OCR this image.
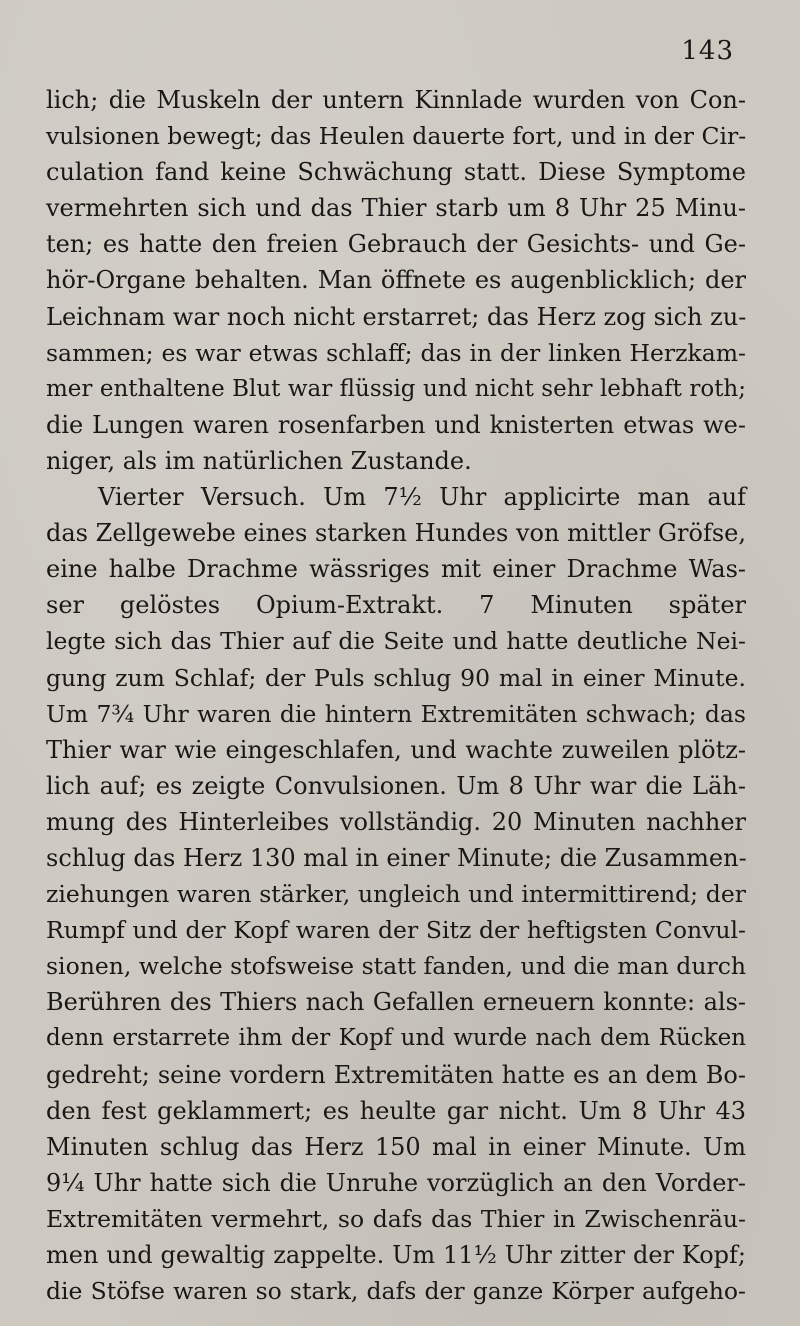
143
lich; die Muskeln der untern Kinnlade wurden von Con-
vulsionen bewegt; das Heulen dauerte fort, und in der Cir-
culation fand keine Schwächung statt. Diese Symptome
vermehrten sich und das Thier starb um 8 Uhr 25 Minu-
ten; es hatte den freien Gebrauch der Gesichts- und Ge-
hör-Organe behalten. Man öffnete es augenblicklich; der
Leichnam war noch nicht erstarret; das Herz zog sich zu-
sammen; es war etwas schlaff; das in der linken Herzkam-
mer enthaltene Blut war flüssig und nicht sehr lebhaft roth;
die Lungen waren rosenfarben und knisterten etwas we-
niger, als im natürlichen Zustande.
Vierter Versuch. Um 7½ Uhr applicirte man auf
das Zellgewebe eines starken Hundes von mittler Gröfse,
eine halbe Drachme wässriges mit einer Drachme Was-
ser gelöstes Opium-Extrakt. 7 Minuten später
legte sich das Thier auf die Seite und hatte deutliche Nei-
gung zum Schlaf; der Puls schlug 90 mal in einer Minute.
Um 7¾ Uhr waren die hintern Extremitäten schwach; das
Thier war wie eingeschlafen, und wachte zuweilen plötz-
lich auf; es zeigte Convulsionen. Um 8 Uhr war die Läh-
mung des Hinterleibes vollständig. 20 Minuten nachher
schlug das Herz 130 mal in einer Minute; die Zusammen-
ziehungen waren stärker, ungleich und intermittirend; der
Rumpf und der Kopf waren der Sitz der heftigsten Convul-
sionen, welche stofsweise statt fanden, und die man durch
Berühren des Thiers nach Gefallen erneuern konnte: als-
denn erstarrete ihm der Kopf und wurde nach dem Rücken
gedreht; seine vordern Extremitäten hatte es an dem Bo-
den fest geklammert; es heulte gar nicht. Um 8 Uhr 43
Minuten schlug das Herz 150 mal in einer Minute. Um
9¼ Uhr hatte sich die Unruhe vorzüglich an den Vorder-
Extremitäten vermehrt, so dafs das Thier in Zwischenräu-
men und gewaltig zappelte. Um 11½ Uhr zitter der Kopf;
die Stöfse waren so stark, dafs der ganze Körper aufgeho-
